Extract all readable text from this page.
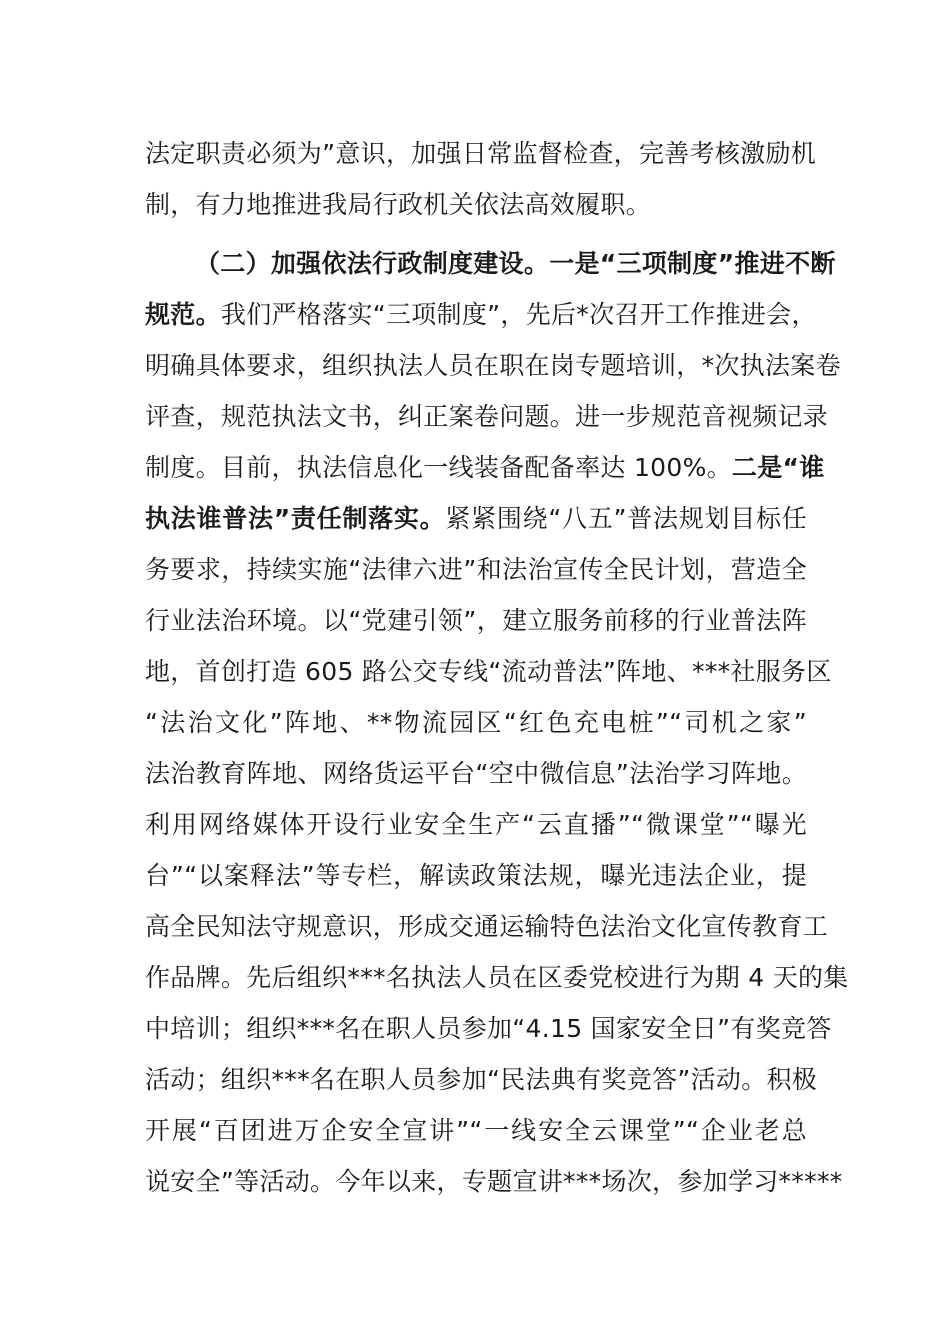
法定职责必须为”意识，加强日常监督检查，完善考核激励机
制，有力地推进我局行政机关依法高效履职。
（二）加强依法行政制度建设。一是“三项制度”推进不断
规范。我们严格落实“三项制度”，先后*次召开工作推进会，
明确具体要求，组织执法人员在职在岗专题培训，*次执法案卷
评查，规范执法文书，纠正案卷问题。进一步规范音视频记录
制度。目前，执法信息化一线装备配备率达 100%。二是“谁
执法谁普法”责任制落实。紧紧围绕“八五”普法规划目标任
务要求，持续实施“法律六进”和法治宣传全民计划，营造全
行业法治环境。以“党建引领”，建立服务前移的行业普法阵
地，首创打造 605 路公交专线“流动普法”阵地、***社服务区
“法治文化”阵地、**物流园区“红色充电桩”“司机之家”
法治教育阵地、网络货运平台“空中微信息”法治学习阵地。
利用网络媒体开设行业安全生产“云直播”“微课堂”“曝光
台”“以案释法”等专栏，解读政策法规，曝光违法企业，提
高全民知法守规意识，形成交通运输特色法治文化宣传教育工
作品牌。先后组织***名执法人员在区委党校进行为期 4 天的集
中培训；组织***名在职人员参加“4.15 国家安全日”有奖竞答
活动；组织***名在职人员参加“民法典有奖竞答”活动。积极
开展“百团进万企安全宣讲”“一线安全云课堂”“企业老总
说安全”等活动。今年以来，专题宣讲***场次，参加学习*****
